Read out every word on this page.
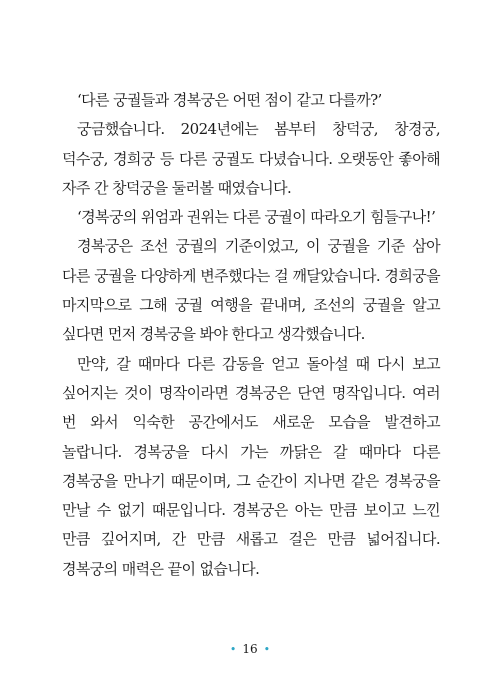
‘다른 궁궐들과 경복궁은 어떤 점이 같고 다를까?’

궁금했습니다. 2024년에는 봄부터 창덕궁, 창경궁, 덕수궁, 경희궁 등 다른 궁궐도 다녔습니다. 오랫동안 좋아해 자주 간 창덕궁을 둘러볼 때였습니다.

‘경복궁의 위엄과 권위는 다른 궁궐이 따라오기 힘들구나!’

경복궁은 조선 궁궐의 기준이었고, 이 궁궐을 기준 삼아 다른 궁궐을 다양하게 변주했다는 걸 깨달았습니다. 경희궁을 마지막으로 그해 궁궐 여행을 끝내며, 조선의 궁궐을 알고 싶다면 먼저 경복궁을 봐야 한다고 생각했습니다.

만약, 갈 때마다 다른 감동을 얻고 돌아설 때 다시 보고 싶어지는 것이 명작이라면 경복궁은 단연 명작입니다. 여러 번 와서 익숙한 공간에서도 새로운 모습을 발견하고 놀랍니다. 경복궁을 다시 가는 까닭은 갈 때마다 다른 경복궁을 만나기 때문이며, 그 순간이 지나면 같은 경복궁을 만날 수 없기 때문입니다. 경복궁은 아는 만큼 보이고 느낀 만큼 깊어지며, 간 만큼 새롭고 걸은 만큼 넓어집니다. 경복궁의 매력은 끝이 없습니다.

• 16 •
